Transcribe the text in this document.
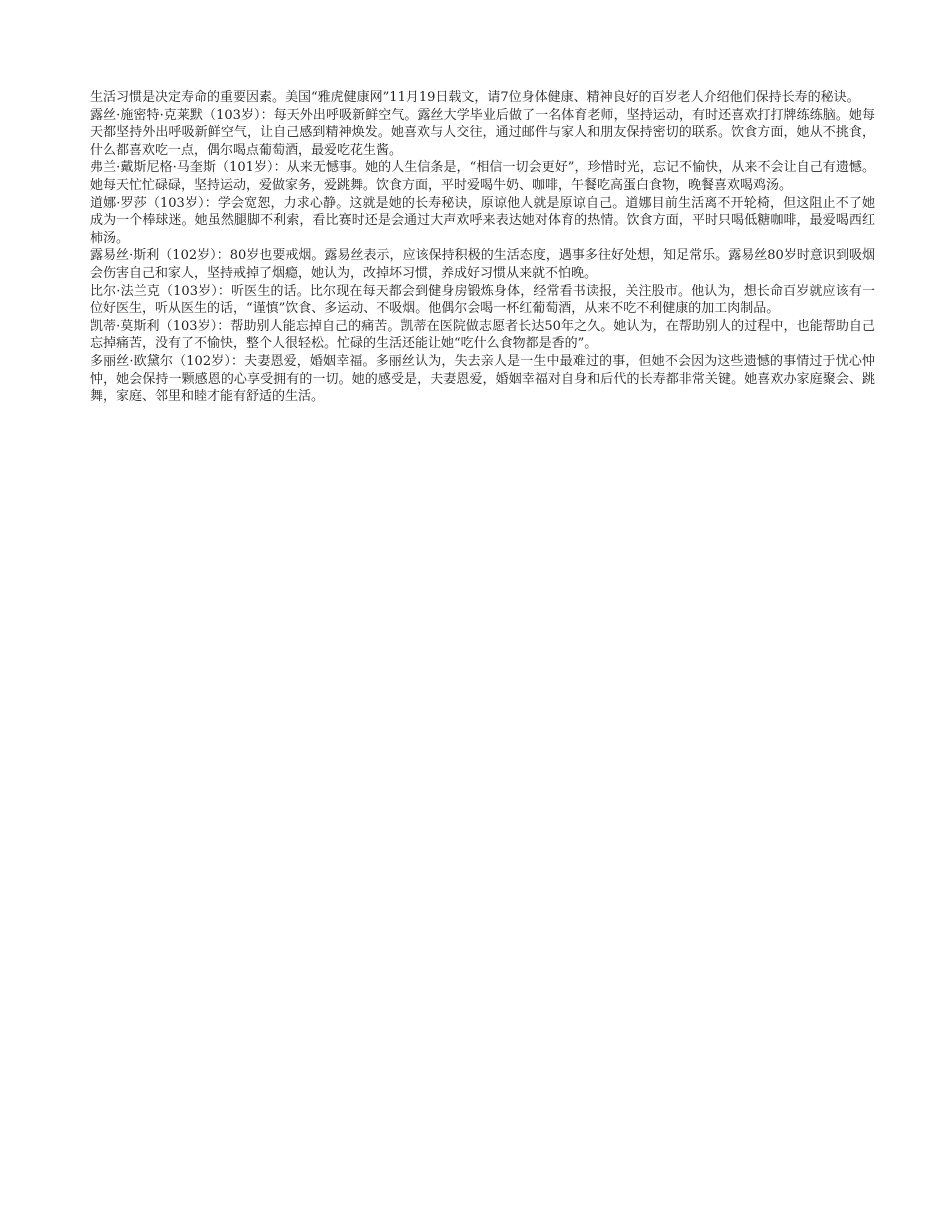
生活习惯是决定寿命的重要因素。美国“雅虎健康网”11月19日载文，请7位身体健康、精神良好的百岁老人介绍他们保持长寿的秘诀。

露丝·施密特·克莱默（103岁）：每天外出呼吸新鲜空气。露丝大学毕业后做了一名体育老师，坚持运动，有时还喜欢打打牌练练脑。她每天都坚持外出呼吸新鲜空气，让自己感到精神焕发。她喜欢与人交往，通过邮件与家人和朋友保持密切的联系。饮食方面，她从不挑食，什么都喜欢吃一点，偶尔喝点葡萄酒，最爱吃花生酱。

弗兰·戴斯尼格·马奎斯（101岁）：从来无憾事。她的人生信条是，“相信一切会更好”，珍惜时光，忘记不愉快，从来不会让自己有遗憾。她每天忙忙碌碌，坚持运动，爱做家务，爱跳舞。饮食方面，平时爱喝牛奶、咖啡，午餐吃高蛋白食物，晚餐喜欢喝鸡汤。

道娜·罗莎（103岁）：学会宽恕，力求心静。这就是她的长寿秘诀，原谅他人就是原谅自己。道娜目前生活离不开轮椅，但这阻止不了她成为一个棒球迷。她虽然腿脚不利索，看比赛时还是会通过大声欢呼来表达她对体育的热情。饮食方面，平时只喝低糖咖啡，最爱喝西红柿汤。

露易丝·斯利（102岁）：80岁也要戒烟。露易丝表示，应该保持积极的生活态度，遇事多往好处想，知足常乐。露易丝80岁时意识到吸烟会伤害自己和家人，坚持戒掉了烟瘾，她认为，改掉坏习惯，养成好习惯从来就不怕晚。

比尔·法兰克（103岁）：听医生的话。比尔现在每天都会到健身房锻炼身体，经常看书读报，关注股市。他认为，想长命百岁就应该有一位好医生，听从医生的话，“谨慎”饮食、多运动、不吸烟。他偶尔会喝一杯红葡萄酒，从来不吃不利健康的加工肉制品。

凯蒂·莫斯利（103岁）：帮助别人能忘掉自己的痛苦。凯蒂在医院做志愿者长达50年之久。她认为，在帮助别人的过程中，也能帮助自己忘掉痛苦，没有了不愉快，整个人很轻松。忙碌的生活还能让她“吃什么食物都是香的”。

多丽丝·欧黛尔（102岁）：夫妻恩爱，婚姻幸福。多丽丝认为，失去亲人是一生中最难过的事，但她不会因为这些遗憾的事情过于忧心忡忡，她会保持一颗感恩的心享受拥有的一切。她的感受是，夫妻恩爱，婚姻幸福对自身和后代的长寿都非常关键。她喜欢办家庭聚会、跳舞，家庭、邻里和睦才能有舒适的生活。
